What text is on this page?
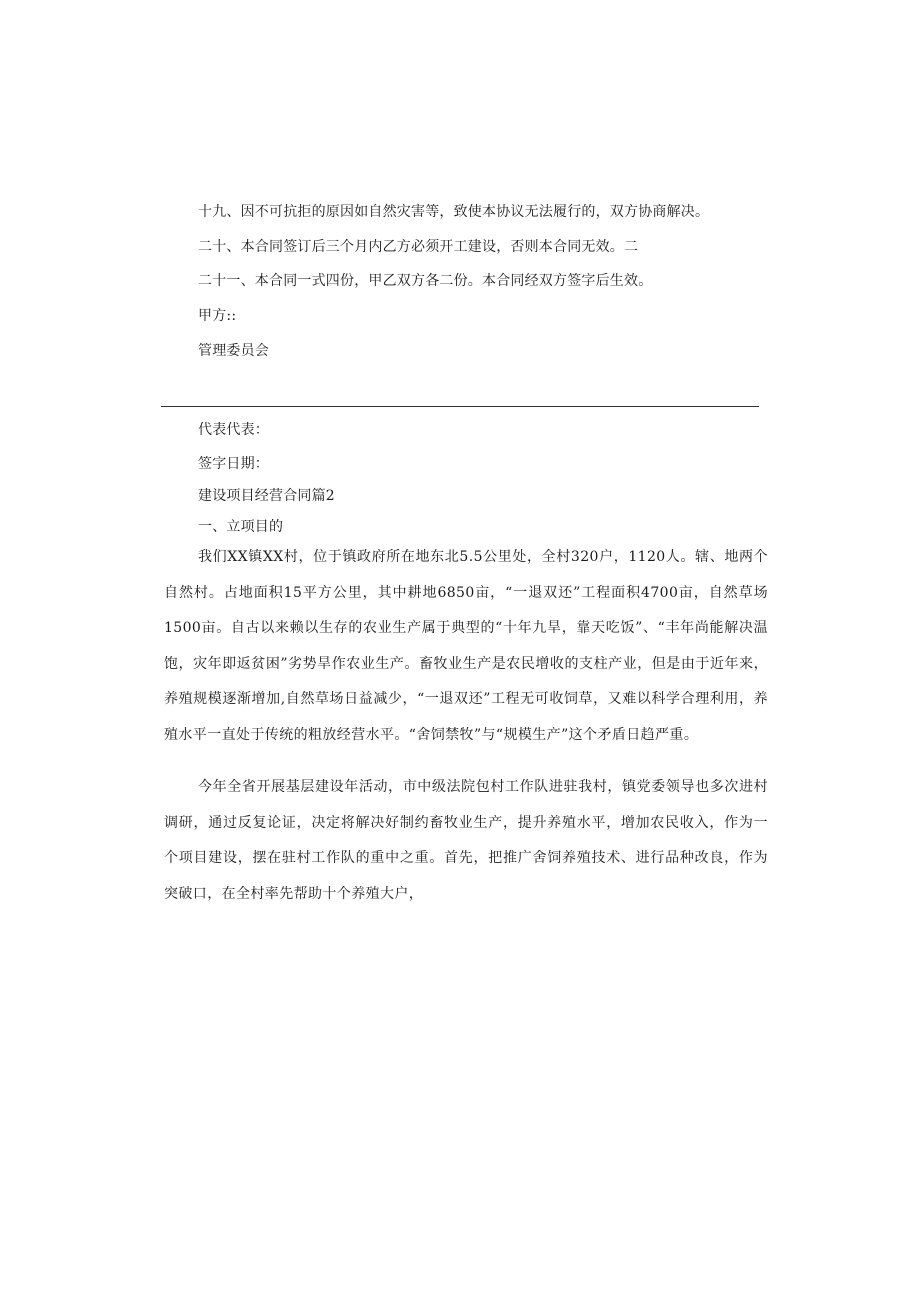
十九、因不可抗拒的原因如自然灾害等，致使本协议无法履行的，双方协商解决。
二十、本合同签订后三个月内乙方必须开工建设，否则本合同无效。二
二十一、本合同一式四份，甲乙双方各二份。本合同经双方签字后生效。
甲方::
管理委员会
代表代表：
签字日期：
建设项目经营合同篇2
一、立项目的
我们XX镇XX村，位于镇政府所在地东北5.5公里处，全村320户，1120人。辖、地两个自然村。占地面积15平方公里，其中耕地6850亩，“一退双还”工程面积4700亩，自然草场1500亩。自古以来赖以生存的农业生产属于典型的“十年九旱，靠天吃饭”、“丰年尚能解决温饱，灾年即返贫困”劣势旱作农业生产。畜牧业生产是农民增收的支柱产业，但是由于近年来，养殖规模逐渐增加,自然草场日益减少，“一退双还”工程无可收饲草，又难以科学合理利用，养殖水平一直处于传统的粗放经营水平。“舍饲禁牧”与“规模生产”这个矛盾日趋严重。
今年全省开展基层建设年活动，市中级法院包村工作队进驻我村，镇党委领导也多次进村调研，通过反复论证，决定将解决好制约畜牧业生产，提升养殖水平，增加农民收入，作为一个项目建设，摆在驻村工作队的重中之重。首先，把推广舍饲养殖技术、进行品种改良，作为突破口，在全村率先帮助十个养殖大户，
